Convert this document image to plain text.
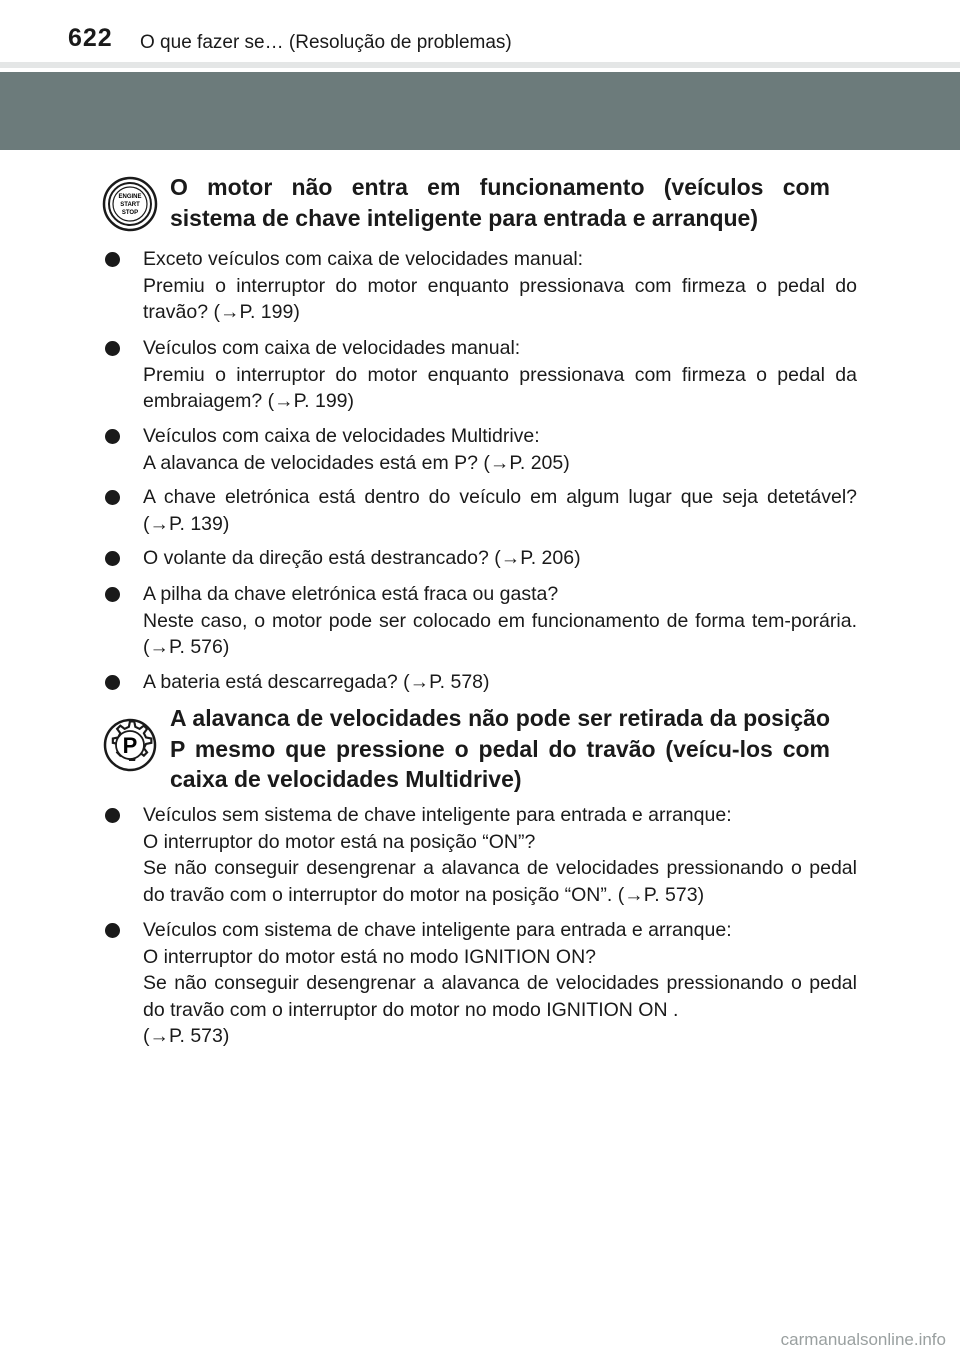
622 O que fazer se… (Resolução de problemas)
ENGINE
START
STOP
O motor não entra em funcionamento (veículos com sistema de chave inteligente para entrada e arranque)
Exceto veículos com caixa de velocidades manual:
Premiu o interruptor do motor enquanto pressionava com firmeza o pedal do travão? (→P. 199)
Veículos com caixa de velocidades manual:
Premiu o interruptor do motor enquanto pressionava com firmeza o pedal da embraiagem? (→P. 199)
Veículos com caixa de velocidades Multidrive:
A alavanca de velocidades está em P? (→P. 205)
A chave eletrónica está dentro do veículo em algum lugar que seja detetável? (→P. 139)
O volante da direção está destrancado? (→P. 206)
A pilha da chave eletrónica está fraca ou gasta?
Neste caso, o motor pode ser colocado em funcionamento de forma tem-porária. (→P. 576)
A bateria está descarregada? (→P. 578)
P
A alavanca de velocidades não pode ser retirada da posição P mesmo que pressione o pedal do travão (veícu-los com caixa de velocidades Multidrive)
Veículos sem sistema de chave inteligente para entrada e arranque:
O interruptor do motor está na posição “ON”?
Se não conseguir desengrenar a alavanca de velocidades pressionando o pedal do travão com o interruptor do motor na posição “ON”. (→P. 573)
Veículos com sistema de chave inteligente para entrada e arranque:
O interruptor do motor está no modo IGNITION ON?
Se não conseguir desengrenar a alavanca de velocidades pressionando o pedal do travão com o interruptor do motor no modo IGNITION ON .
(→P. 573)
carmanualsonline.info
